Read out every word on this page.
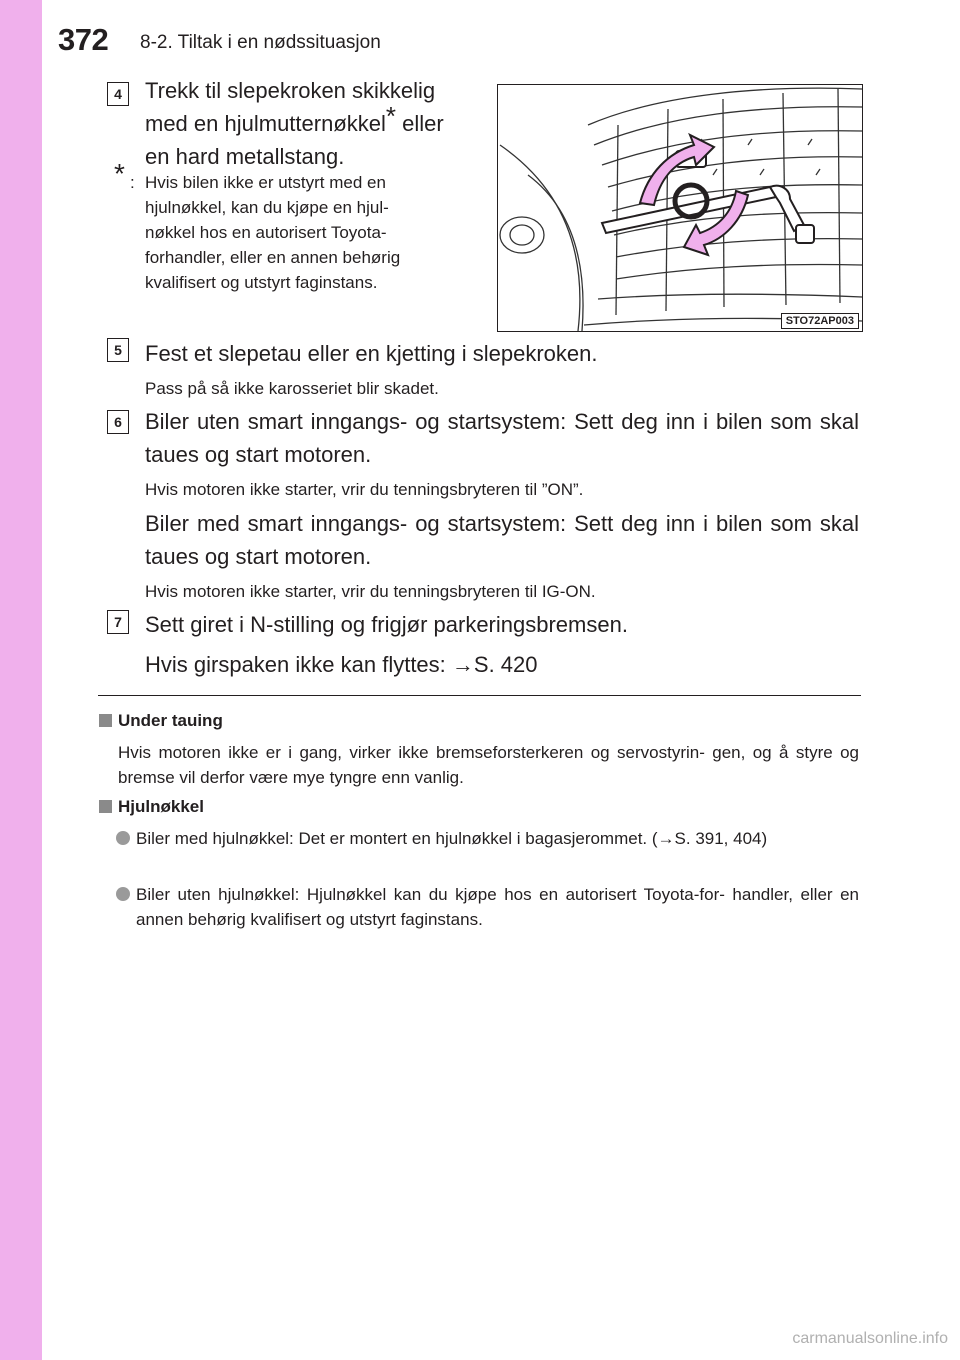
372 8-2. Tiltak i en nødssituasjon
4	Trekk til slepekroken skikkelig
med en hjulmutternøkkel* eller
en hard metallstang.
* : Hvis bilen ikke er utstyrt med en
hjulnøkkel, kan du kjøpe en hjul-
nøkkel hos en autorisert Toyota-
forhandler, eller en annen behørig
kvalifisert og utstyrt faginstans.
STO72AP003
5	Fest et slepetau eller en kjetting i slepekroken.
Pass på så ikke karosseriet blir skadet.
6	Biler uten smart inngangs- og startsystem: Sett deg inn i bilen som skal taues og start motoren.
Hvis motoren ikke starter, vrir du tenningsbryteren til ”ON”.
Biler med smart inngangs- og startsystem: Sett deg inn i bilen som skal taues og start motoren.
Hvis motoren ikke starter, vrir du tenningsbryteren til IG-ON.
7	Sett giret i N-stilling og frigjør parkeringsbremsen.
Hvis girspaken ikke kan flyttes: →S. 420
Under tauing
Hvis motoren ikke er i gang, virker ikke bremseforsterkeren og servostyrin- gen, og å styre og bremse vil derfor være mye tyngre enn vanlig.
Hjulnøkkel
Biler med hjulnøkkel: Det er montert en hjulnøkkel i bagasjerommet. (→S. 391, 404)
Biler uten hjulnøkkel: Hjulnøkkel kan du kjøpe hos en autorisert Toyota-for- handler, eller en annen behørig kvalifisert og utstyrt faginstans.
carmanualsonline.info
